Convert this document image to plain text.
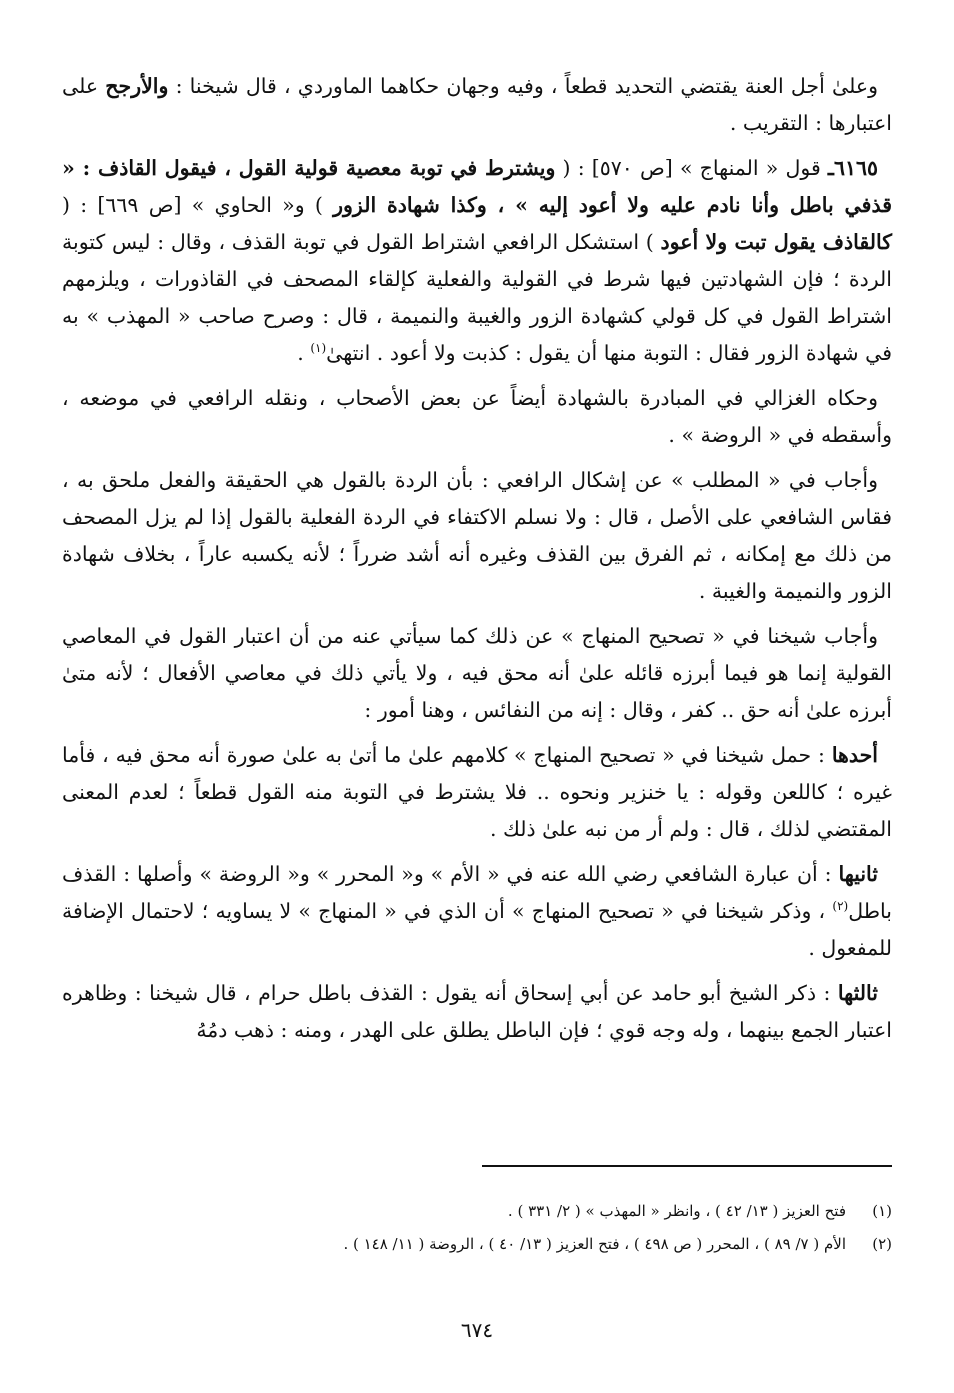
وعلىٰ أجل العنة يقتضي التحديد قطعاً ، وفيه وجهان حكاهما الماوردي ، قال شيخنا : والأرجح على اعتبارها : التقريب .

٦١٦٥ـ قول « المنهاج » [ص ٥٧٠] : ( ويشترط في توبة معصية قولية القول ، فيقول القاذف : « قذفي باطل وأنا نادم عليه ولا أعود إليه » ، وكذا شهادة الزور ) و« الحاوي » [ص ٦٦٩] : ( كالقاذف يقول تبت ولا أعود ) استشكل الرافعي اشتراط القول في توبة القذف ، وقال : ليس كتوبة الردة ؛ فإن الشهادتين فيها شرط في القولية والفعلية كإلقاء المصحف في القاذورات ، ويلزمهم اشتراط القول في كل قولي كشهادة الزور والغيبة والنميمة ، قال : وصرح صاحب « المهذب » به في شهادة الزور فقال : التوبة منها أن يقول : كذبت ولا أعود . انتهىٰ$^{(١)}$ .

وحكاه الغزالي في المبادرة بالشهادة أيضاً عن بعض الأصحاب ، ونقله الرافعي في موضعه ، وأسقطه في « الروضة » .

وأجاب في « المطلب » عن إشكال الرافعي : بأن الردة بالقول هي الحقيقة والفعل ملحق به ، فقاس الشافعي على الأصل ، قال : ولا نسلم الاكتفاء في الردة الفعلية بالقول إذا لم يزل المصحف من ذلك مع إمكانه ، ثم الفرق بين القذف وغيره أنه أشد ضرراً ؛ لأنه يكسبه عاراً ، بخلاف شهادة الزور والنميمة والغيبة .

وأجاب شيخنا في « تصحيح المنهاج » عن ذلك كما سيأتي عنه من أن اعتبار القول في المعاصي القولية إنما هو فيما أبرزه قائله علىٰ أنه محق فيه ، ولا يأتي ذلك في معاصي الأفعال ؛ لأنه متىٰ أبرزه علىٰ أنه حق .. كفر ، وقال : إنه من النفائس ، وهنا أمور :

أحدها : حمل شيخنا في « تصحيح المنهاج » كلامهم علىٰ ما أتىٰ به علىٰ صورة أنه محق فيه ، فأما غيره ؛ كاللعن وقوله : يا خنزير ونحوه .. فلا يشترط في التوبة منه القول قطعاً ؛ لعدم المعنى المقتضي لذلك ، قال : ولم أر من نبه علىٰ ذلك .

ثانيها : أن عبارة الشافعي رضي الله عنه في « الأم » و« المحرر » و« الروضة » وأصلها : القذف باطل$^{(٢)}$ ، وذكر شيخنا في « تصحيح المنهاج » أن الذي في « المنهاج » لا يساويه ؛ لاحتمال الإضافة للمفعول .

ثالثها : ذكر الشيخ أبو حامد عن أبي إسحاق أنه يقول : القذف باطل حرام ، قال شيخنا : وظاهره اعتبار الجمع بينهما ، وله وجه قوي ؛ فإن الباطل يطلق على الهدر ، ومنه : ذهب دمُهُ

(١)
فتح العزيز ( ١٣/ ٤٢ ) ، وانظر « المهذب » ( ٢/ ٣٣١ ) .
(٢)
الأم ( ٧/ ٨٩ ) ، المحرر ( ص ٤٩٨ ) ، فتح العزيز ( ١٣/ ٤٠ ) ، الروضة ( ١١/ ١٤٨ ) .
٦٧٤
